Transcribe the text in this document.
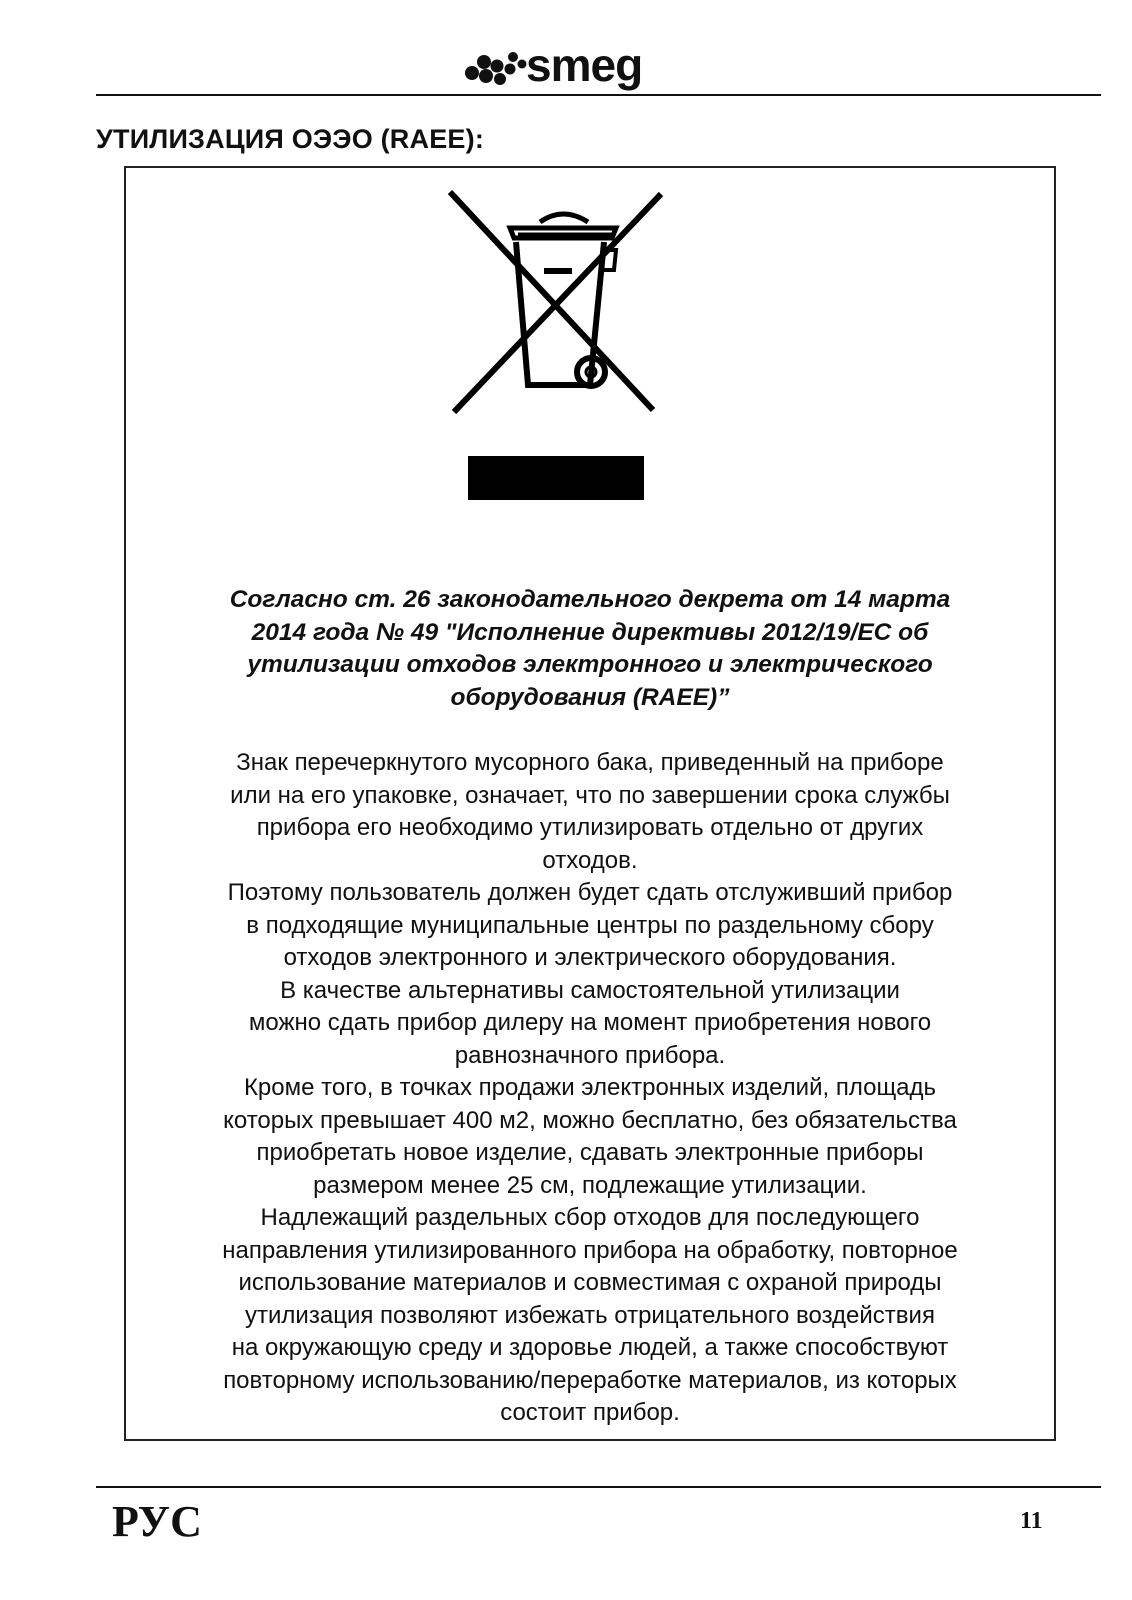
smeg
УТИЛИЗАЦИЯ ОЭЭО (RAEE):
Согласно ст. 26 законодательного декрета от 14 марта
2014 года № 49 "Исполнение директивы 2012/19/ЕС об
утилизации отходов электронного и электрического
оборудования (RAEE)”
Знак перечеркнутого мусорного бака, приведенный на приборе
или на его упаковке, означает, что по завершении срока службы
прибора его необходимо утилизировать отдельно от других
отходов.
Поэтому пользователь должен будет сдать отслуживший прибор
в подходящие муниципальные центры по раздельному сбору
отходов электронного и электрического оборудования.
В качестве альтернативы самостоятельной утилизации
можно сдать прибор дилеру на момент приобретения нового
равнозначного прибора.
Кроме того, в точках продажи электронных изделий, площадь
которых превышает 400 м2, можно бесплатно, без обязательства
приобретать новое изделие, сдавать электронные приборы
размером менее 25 см, подлежащие утилизации.
Надлежащий раздельных сбор отходов для последующего
направления утилизированного прибора на обработку, повторное
использование материалов и совместимая с охраной природы
утилизация позволяют избежать отрицательного воздействия
на окружающую среду и здоровье людей, а также способствуют
повторному использованию/переработке материалов, из которых
состоит прибор.
РУС	11
